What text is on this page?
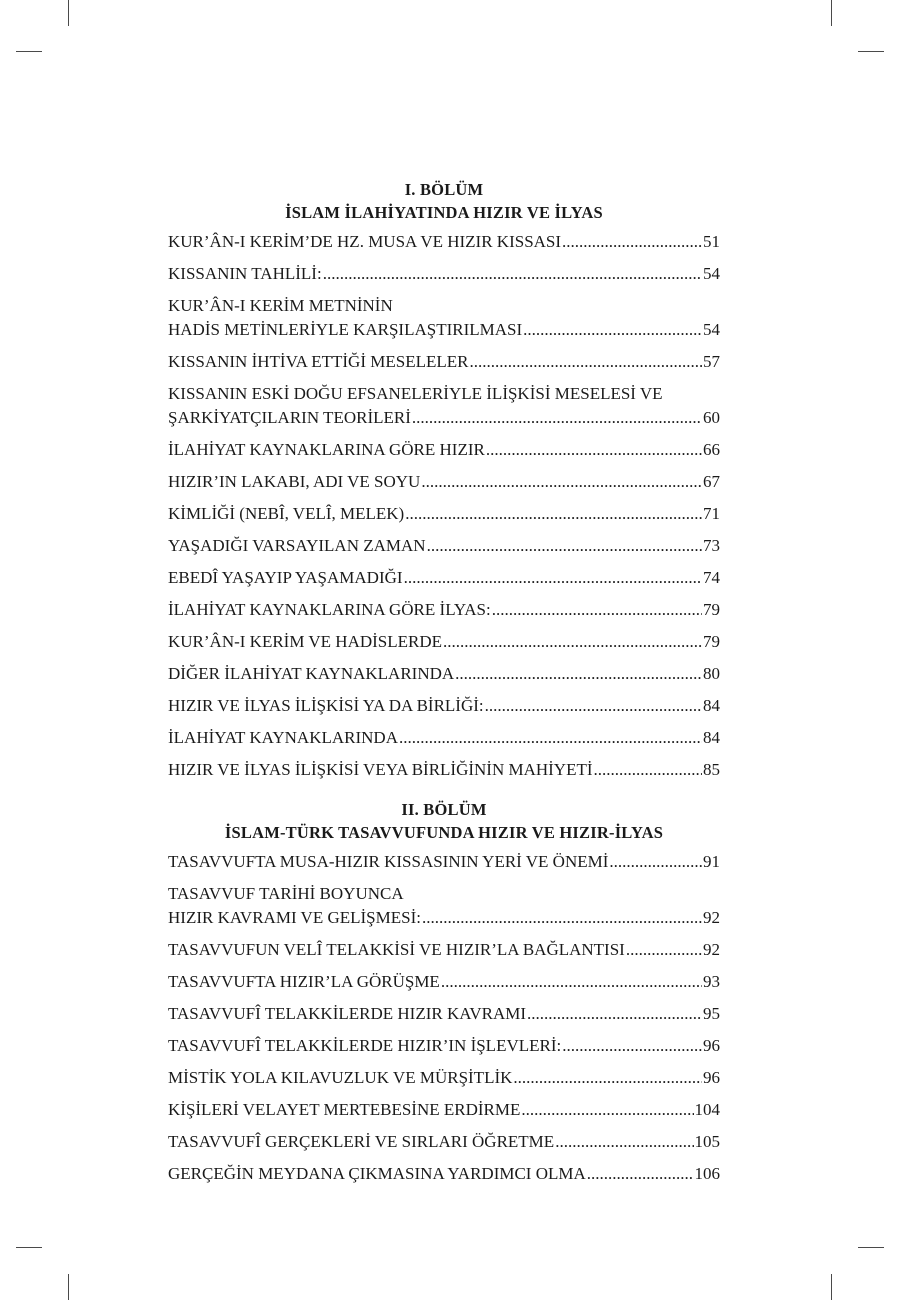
I. BÖLÜM
İSLAM İLAHİYATINDA HIZIR VE İLYAS
KUR’ÂN-I KERİM’DE HZ. MUSA VE HIZIR KISSASI .....	51
KISSANIN TAHLİLİ: .....	54
KUR’ÂN-I KERİM METNİNİN
HADİS METİNLERİYLE KARŞILAŞTIRILMASI .....	54
KISSANIN İHTİVA ETTİĞİ MESELELER .....	57
KISSANIN ESKİ DOĞU EFSANELERİYLE İLİŞKİSİ MESELESİ VE
ŞARKİYATÇILARIN TEORİLERİ .....	60
İLAHİYAT KAYNAKLARINA GÖRE HIZIR .....	66
HIZIR’IN LAKABI, ADI VE SOYU .....	67
KİMLİĞİ (NEBÎ, VELÎ, MELEK) .....	71
YAŞADIĞI VARSAYILAN ZAMAN .....	73
EBEDÎ YAŞAYIP YAŞAMADIĞI .....	74
İLAHİYAT KAYNAKLARINA GÖRE İLYAS: .....	79
KUR’ÂN-I KERİM VE HADİSLERDE .....	79
DİĞER İLAHİYAT KAYNAKLARINDA .....	80
HIZIR VE İLYAS İLİŞKİSİ YA DA BİRLİĞİ: .....	84
İLAHİYAT KAYNAKLARINDA .....	84
HIZIR VE İLYAS İLİŞKİSİ VEYA BİRLİĞİNİN MAHİYETİ .....	85
II. BÖLÜM
İSLAM-TÜRK TASAVVUFUNDA HIZIR VE HIZIR-İLYAS
TASAVVUFTA MUSA-HIZIR KISSASININ YERİ VE ÖNEMİ .....	91
TASAVVUF TARİHİ BOYUNCA
HIZIR KAVRAMI VE GELİŞMESİ: .....	92
TASAVVUFUN VELÎ TELAKKİSİ VE HIZIR’LA BAĞLANTISI .....	92
TASAVVUFTA HIZIR’LA GÖRÜŞME .....	93
TASAVVUFÎ TELAKKİLERDE HIZIR KAVRAMI .....	95
TASAVVUFÎ TELAKKİLERDE HIZIR’IN İŞLEVLERİ: .....	96
MİSTİK YOLA KILAVUZLUK VE MÜRŞİTLİK .....	96
KİŞİLERİ VELAYET MERTEBESİNE ERDİRME .....	104
TASAVVUFÎ GERÇEKLERİ VE SIRLARI ÖĞRETME .....	105
GERÇEĞİN MEYDANA ÇIKMASINA YARDIMCI OLMA .....	106
